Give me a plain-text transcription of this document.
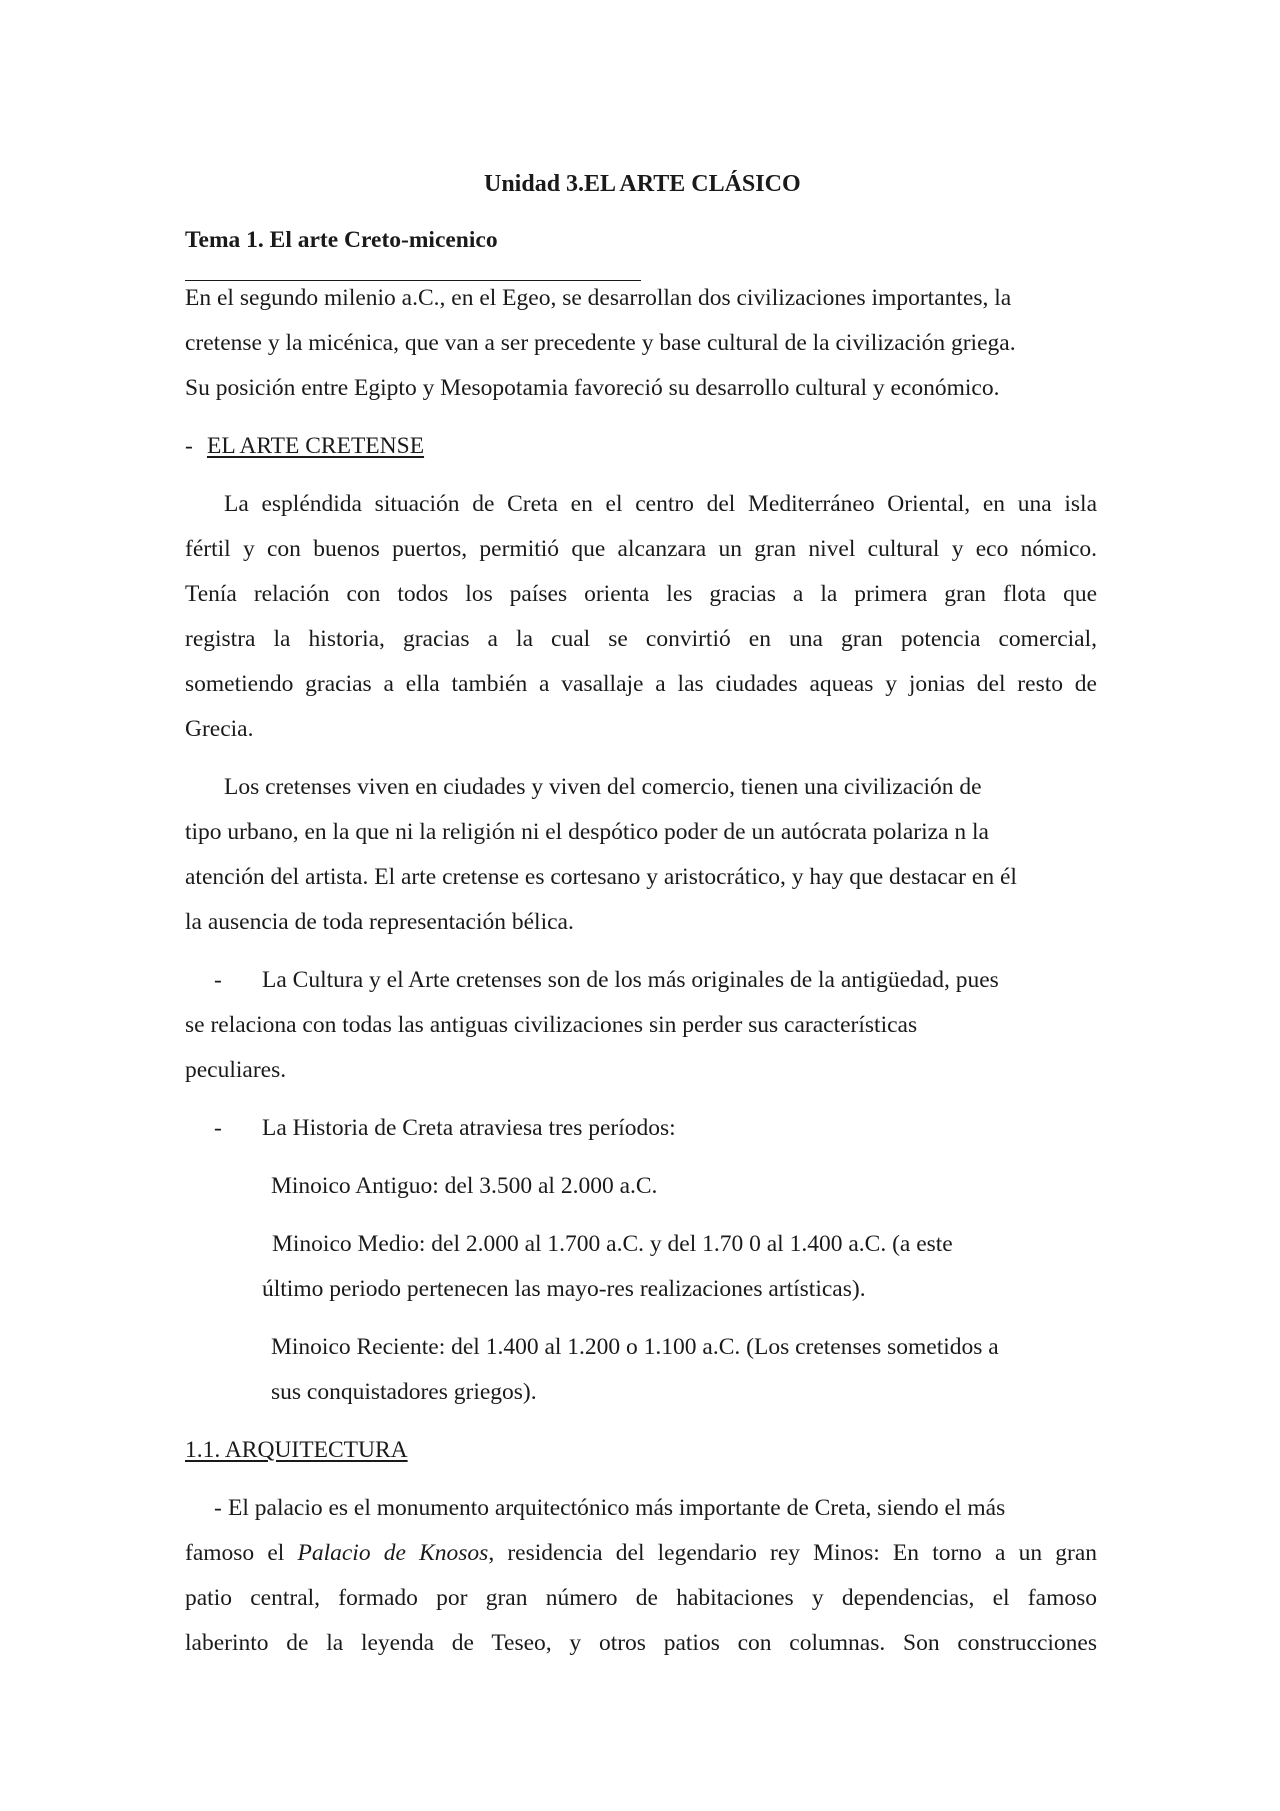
Unidad 3.EL ARTE CLÁSICO
Tema 1. El arte Creto-micenico
En el segundo milenio a.C., en el Egeo, se desarrollan dos civilizaciones importantes, la
cretense y la micénica, que van a ser precedente y base cultural de la civilización griega.
Su posición entre Egipto y Mesopotamia favoreció su desarrollo cultural y económico.
- EL ARTE CRETENSE
La espléndida situación de Creta en el centro del Mediterráneo Oriental, en una isla
fértil y con buenos puertos, permitió que alcanzara un gran nivel cultural y eco nómico.
Tenía relación con todos los países orienta les gracias a la primera gran flota que
registra la historia, gracias a la cual se convirtió en una gran potencia comercial,
sometiendo gracias a ella también a vasallaje a las ciudades aqueas y jonias del resto de
Grecia.
Los cretenses viven en ciudades y viven del comercio, tienen una civilización de
tipo urbano, en la que ni la religión ni el despótico poder de un autócrata polariza n la
atención del artista. El arte cretense es cortesano y aristocrático, y hay que destacar en él
la ausencia de toda representación bélica.
- La Cultura y el Arte cretenses son de los más originales de la antigüedad, pues
se relaciona con todas las antiguas civilizaciones sin perder sus características
peculiares.
- La Historia de Creta atraviesa tres períodos:
Minoico Antiguo: del 3.500 al 2.000 a.C.
Minoico Medio: del 2.000 al 1.700 a.C. y del 1.70 0 al 1.400 a.C. (a este
último periodo pertenecen las mayo-res realizaciones artísticas).
Minoico Reciente: del 1.400 al 1.200 o 1.100 a.C. (Los cretenses sometidos a
sus conquistadores griegos).
1.1. ARQUITECTURA
- El palacio es el monumento arquitectónico más importante de Creta, siendo el más
famoso el Palacio de Knosos, residencia del legendario rey Minos: En torno a un gran
patio central, formado por gran número de habitaciones y dependencias, el famoso
laberinto de la leyenda de Teseo, y otros patios con columnas. Son construcciones
